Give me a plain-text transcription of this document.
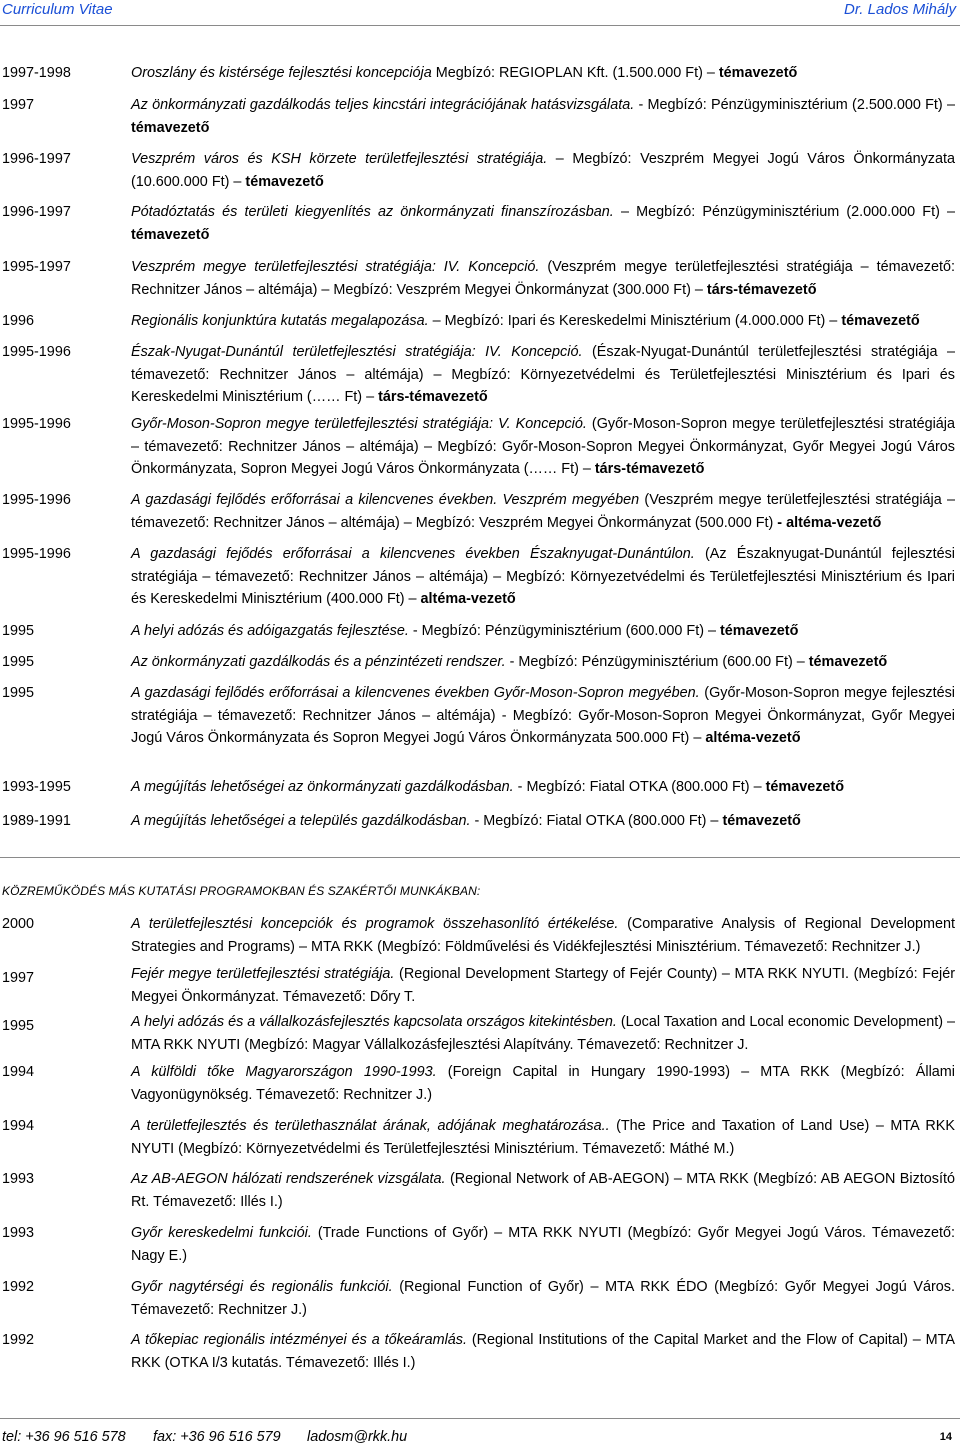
Curriculum Vitae	Dr. Lados Mihály
1997-1998	Oroszlány és kistérsége fejlesztési koncepciója Megbízó: REGIOPLAN Kft. (1.500.000 Ft) – témavezető
1997	Az önkormányzati gazdálkodás teljes kincstári integrációjának hatásvizsgálata. - Megbízó: Pénzügyminisztérium (2.500.000 Ft) – témavezető
1996-1997	Veszprém város és KSH körzete területfejlesztési stratégiája. – Megbízó: Veszprém Megyei Jogú Város Önkormányzata (10.600.000 Ft) – témavezető
1996-1997	Pótadóztatás és területi kiegyenlítés az önkormányzati finanszírozásban. – Megbízó: Pénzügyminisztérium (2.000.000 Ft) – témavezető
1995-1997	Veszprém megye területfejlesztési stratégiája: IV. Koncepció. (Veszprém megye területfejlesztési stratégiája – témavezető: Rechnitzer János – altémája) – Megbízó: Veszprém Megyei Önkormányzat (300.000 Ft) – társ-témavezető
1996	Regionális konjunktúra kutatás megalapozása. – Megbízó: Ipari és Kereskedelmi Minisztérium (4.000.000 Ft) – témavezető
1995-1996	Észak-Nyugat-Dunántúl területfejlesztési stratégiája: IV. Koncepció. (Észak-Nyugat-Dunántúl területfejlesztési stratégiája – témavezető: Rechnitzer János – altémája) – Megbízó: Környezetvédelmi és Területfejlesztési Minisztérium és Ipari és Kereskedelmi Minisztérium (…… Ft) – társ-témavezető
1995-1996	Győr-Moson-Sopron megye területfejlesztési stratégiája: V. Koncepció. (Győr-Moson-Sopron megye területfejlesztési stratégiája – témavezető: Rechnitzer János – altémája) – Megbízó: Győr-Moson-Sopron Megyei Önkormányzat, Győr Megyei Jogú Város Önkormányzata, Sopron Megyei Jogú Város Önkormányzata (…… Ft) – társ-témavezető
1995-1996	A gazdasági fejlődés erőforrásai a kilencvenes években. Veszprém megyében (Veszprém megye területfejlesztési stratégiája – témavezető: Rechnitzer János – altémája) – Megbízó: Veszprém Megyei Önkormányzat (500.000 Ft) - altéma-vezető
1995-1996	A gazdasági fejődés erőforrásai a kilencvenes években Északnyugat-Dunántúlon. (Az Északnyugat-Dunántúl fejlesztési stratégiája – témavezető: Rechnitzer János – altémája) – Megbízó: Környezetvédelmi és Területfejlesztési Minisztérium és Ipari és Kereskedelmi Minisztérium (400.000 Ft) – altéma-vezető
1995	A helyi adózás és adóigazgatás fejlesztése. - Megbízó: Pénzügyminisztérium (600.000 Ft) – témavezető
1995	Az önkormányzati gazdálkodás és a pénzintézeti rendszer. - Megbízó: Pénzügyminisztérium (600.00 Ft) – témavezető
1995	A gazdasági fejlődés erőforrásai a kilencvenes években Győr-Moson-Sopron megyében. (Győr-Moson-Sopron megye fejlesztési stratégiája – témavezető: Rechnitzer János – altémája) - Megbízó: Győr-Moson-Sopron Megyei Önkormányzat, Győr Megyei Jogú Város Önkormányzata és Sopron Megyei Jogú Város Önkormányzata 500.000 Ft) – altéma-vezető
1993-1995	A megújítás lehetőségei az önkormányzati gazdálkodásban. - Megbízó: Fiatal OTKA (800.000 Ft) – témavezető
1989-1991	A megújítás lehetőségei a település gazdálkodásban. - Megbízó: Fiatal OTKA (800.000 Ft) – témavezető
KÖZREMŰKÖDÉS MÁS KUTATÁSI PROGRAMOKBAN ÉS SZAKÉRTŐI MUNKÁKBAN:
2000	A területfejlesztési koncepciók és programok összehasonlító értékelése. (Comparative Analysis of Regional Development Strategies and Programs) – MTA RKK (Megbízó: Földművelési és Vidékfejlesztési Minisztérium. Témavezető: Rechnitzer J.)
1997	Fejér megye területfejlesztési stratégiája. (Regional Development Startegy of Fejér County) – MTA RKK NYUTI. (Megbízó: Fejér Megyei Önkormányzat. Témavezető: Dőry T.
1995	A helyi adózás és a vállalkozásfejlesztés kapcsolata országos kitekintésben. (Local Taxation and Local economic Development) – MTA RKK NYUTI (Megbízó: Magyar Vállalkozásfejlesztési Alapítvány. Témavezető: Rechnitzer J.
1994	A külföldi tőke Magyarországon 1990-1993. (Foreign Capital in Hungary 1990-1993) – MTA RKK (Megbízó: Állami Vagyonügynökség. Témavezető: Rechnitzer J.)
1994	A területfejlesztés és területhasználat árának, adójának meghatározása.. (The Price and Taxation of Land Use) – MTA RKK NYUTI (Megbízó: Környezetvédelmi és Területfejlesztési Minisztérium. Témavezető: Máthé M.)
1993	Az AB-AEGON hálózati rendszerének vizsgálata. (Regional Network of AB-AEGON) – MTA RKK (Megbízó: AB AEGON Biztosító Rt. Témavezető: Illés I.)
1993	Győr kereskedelmi funkciói. (Trade Functions of Győr) – MTA RKK NYUTI (Megbízó: Győr Megyei Jogú Város. Témavezető: Nagy E.)
1992	Győr nagytérségi és regionális funkciói. (Regional Function of Győr) – MTA RKK ÉDO (Megbízó: Győr Megyei Jogú Város. Témavezető: Rechnitzer J.)
1992	A tőkepiac regionális intézményei és a tőkeáramlás. (Regional Institutions of the Capital Market and the Flow of Capital) – MTA RKK (OTKA I/3 kutatás. Témavezető: Illés I.)
tel: +36 96 516 578 fax: +36 96 516 579 ladosm@rkk.hu	14
